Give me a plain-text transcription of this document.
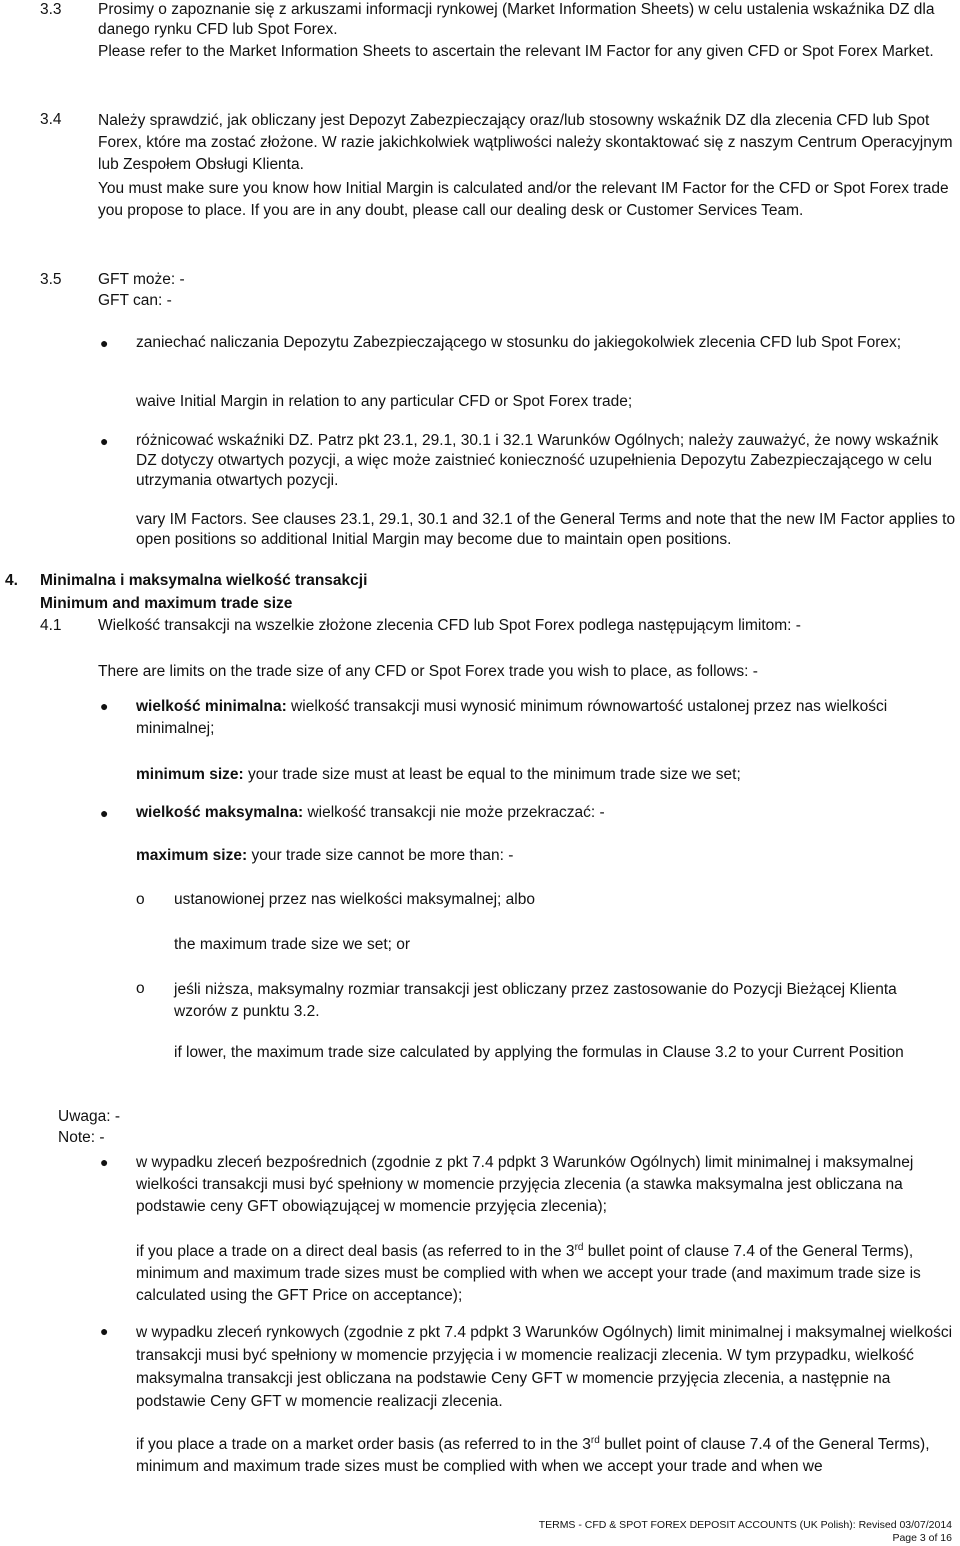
3.3 Prosimy o zapoznanie się z arkuszami informacji rynkowej (Market Information Sheets) w celu ustalenia wskaźnika DZ dla danego rynku CFD lub Spot Forex.
Please refer to the Market Information Sheets to ascertain the relevant IM Factor for any given CFD or Spot Forex Market.
3.4 Należy sprawdzić, jak obliczany jest Depozyt Zabezpieczający oraz/lub stosowny wskaźnik DZ dla zlecenia CFD lub Spot Forex, które ma zostać złożone. W razie jakichkolwiek wątpliwości należy skontaktować się z naszym Centrum Operacyjnym lub Zespołem Obsługi Klienta.
You must make sure you know how Initial Margin is calculated and/or the relevant IM Factor for the CFD or Spot Forex trade you propose to place. If you are in any doubt, please call our dealing desk or Customer Services Team.
3.5 GFT może: -
GFT can: -
● zaniechać naliczania Depozytu Zabezpieczającego w stosunku do jakiegokolwiek zlecenia CFD lub Spot Forex;
waive Initial Margin in relation to any particular CFD or Spot Forex trade;
● różnicować wskaźniki DZ. Patrz pkt 23.1, 29.1, 30.1 i 32.1 Warunków Ogólnych; należy zauważyć, że nowy wskaźnik DZ dotyczy otwartych pozycji, a więc może zaistnieć konieczność uzupełnienia Depozytu Zabezpieczającego w celu utrzymania otwartych pozycji.
vary IM Factors. See clauses 23.1, 29.1, 30.1 and 32.1 of the General Terms and note that the new IM Factor applies to open positions so additional Initial Margin may become due to maintain open positions.
4. Minimalna i maksymalna wielkość transakcji
Minimum and maximum trade size
4.1 Wielkość transakcji na wszelkie złożone zlecenia CFD lub Spot Forex podlega następującym limitom: -
There are limits on the trade size of any CFD or Spot Forex trade you wish to place, as follows: -
● wielkość minimalna: wielkość transakcji musi wynosić minimum równowartość ustalonej przez nas wielkości minimalnej;
minimum size: your trade size must at least be equal to the minimum trade size we set;
● wielkość maksymalna: wielkość transakcji nie może przekraczać: -
maximum size: your trade size cannot be more than: -
o ustanowionej przez nas wielkości maksymalnej; albo
the maximum trade size we set; or
o jeśli niższa, maksymalny rozmiar transakcji jest obliczany przez zastosowanie do Pozycji Bieżącej Klienta wzorów z punktu 3.2.
if lower, the maximum trade size calculated by applying the formulas in Clause 3.2 to your Current Position
Uwaga: -
Note: -
● w wypadku zleceń bezpośrednich (zgodnie z pkt 7.4 pdpkt 3 Warunków Ogólnych) limit minimalnej i maksymalnej wielkości transakcji musi być spełniony w momencie przyjęcia zlecenia (a stawka maksymalna jest obliczana na podstawie ceny GFT obowiązującej w momencie przyjęcia zlecenia);
if you place a trade on a direct deal basis (as referred to in the 3rd bullet point of clause 7.4 of the General Terms), minimum and maximum trade sizes must be complied with when we accept your trade (and maximum trade size is calculated using the GFT Price on acceptance);
● w wypadku zleceń rynkowych (zgodnie z pkt 7.4 pdpkt 3 Warunków Ogólnych) limit minimalnej i maksymalnej wielkości transakcji musi być spełniony w momencie przyjęcia i w momencie realizacji zlecenia. W tym przypadku, wielkość maksymalna transakcji jest obliczana na podstawie Ceny GFT w momencie przyjęcia zlecenia, a następnie na podstawie Ceny GFT w momencie realizacji zlecenia.
if you place a trade on a market order basis (as referred to in the 3rd bullet point of clause 7.4 of the General Terms), minimum and maximum trade sizes must be complied with when we accept your trade and when we
TERMS - CFD & SPOT FOREX DEPOSIT ACCOUNTS (UK Polish): Revised 03/07/2014
Page 3 of 16
